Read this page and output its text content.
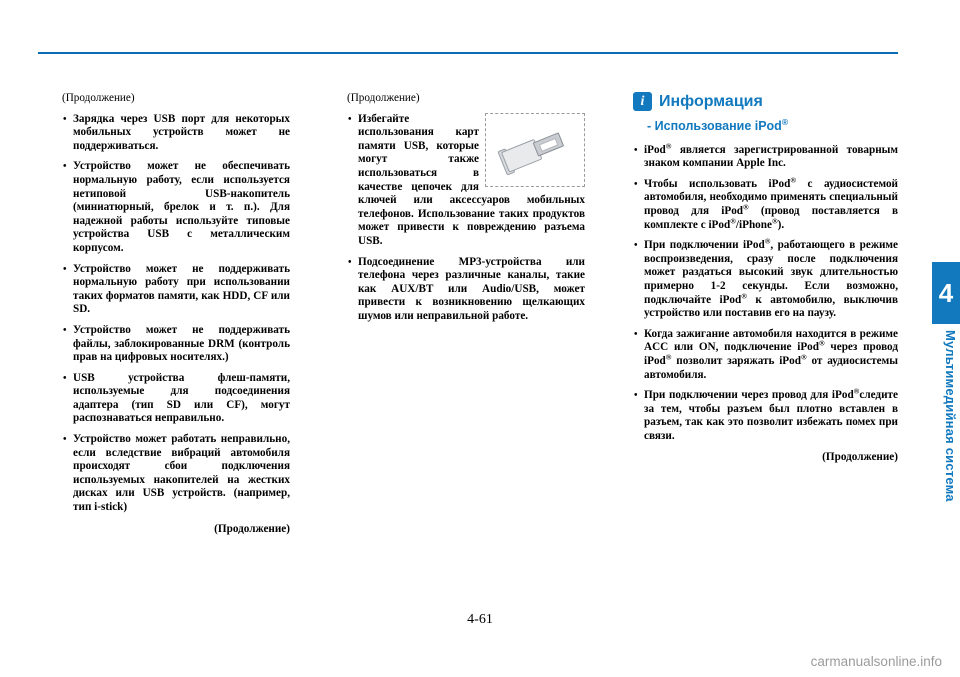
4
Мультимедийная система

(Продолжение)

• Зарядка через USB порт для некоторых мобильных устройств может не поддерживаться.
• Устройство может не обеспечивать нормальную работу, если используется нетиповой USB-накопитель (миниатюрный, брелок и т. п.). Для надежной работы используйте типовые устройства USB с металлическим корпусом.
• Устройство может не поддерживать нормальную работу при использовании таких форматов памяти, как HDD, CF или SD.
• Устройство может не поддерживать файлы, заблокированные DRM (контроль прав на цифровых носителях.)
• USB устройства флеш-памяти, используемые для подсоединения адаптера (тип SD или CF), могут распознаваться неправильно.
• Устройство может работать неправильно, если вследствие вибраций автомобиля происходят сбои подключения используемых накопителей на жестких дисках или USB устройств. (например, тип i-stick)

(Продолжение)

(Продолжение)

• Избегайте использования карт памяти USB, которые могут также использоваться в качестве цепочек для ключей или аксессуаров мобильных телефонов. Использование таких продуктов может привести к повреждению разъема USB.
• Подсоединение MP3-устройства или телефона через различные каналы, такие как AUX/BT или Audio/USB, может привести к возникновению щелкающих шумов или неправильной работе.
i Информация
- Использование iPod®
• iPod® является зарегистрированной товарным знаком компании Apple Inc.
• Чтобы использовать iPod® с аудиосистемой автомобиля, необходимо применять специальный провод для iPod® (провод поставляется в комплекте с iPod®/iPhone®).
• При подключении iPod®, работающего в режиме воспроизведения, сразу после подключения может раздаться высокий звук длительностью примерно 1-2 секунды. Если возможно, подключайте iPod® к автомобилю, выключив устройство или поставив его на паузу.
• Когда зажигание автомобиля находится в режиме ACC или ON, подключение iPod® через провод iPod® позволит заряжать iPod® от аудиосистемы автомобиля.
• При подключении через провод для iPod®следите за тем, чтобы разъем был плотно вставлен в разъем, так как это позволит избежать помех при связи.

(Продолжение)

4-61
carmanualsonline.info
